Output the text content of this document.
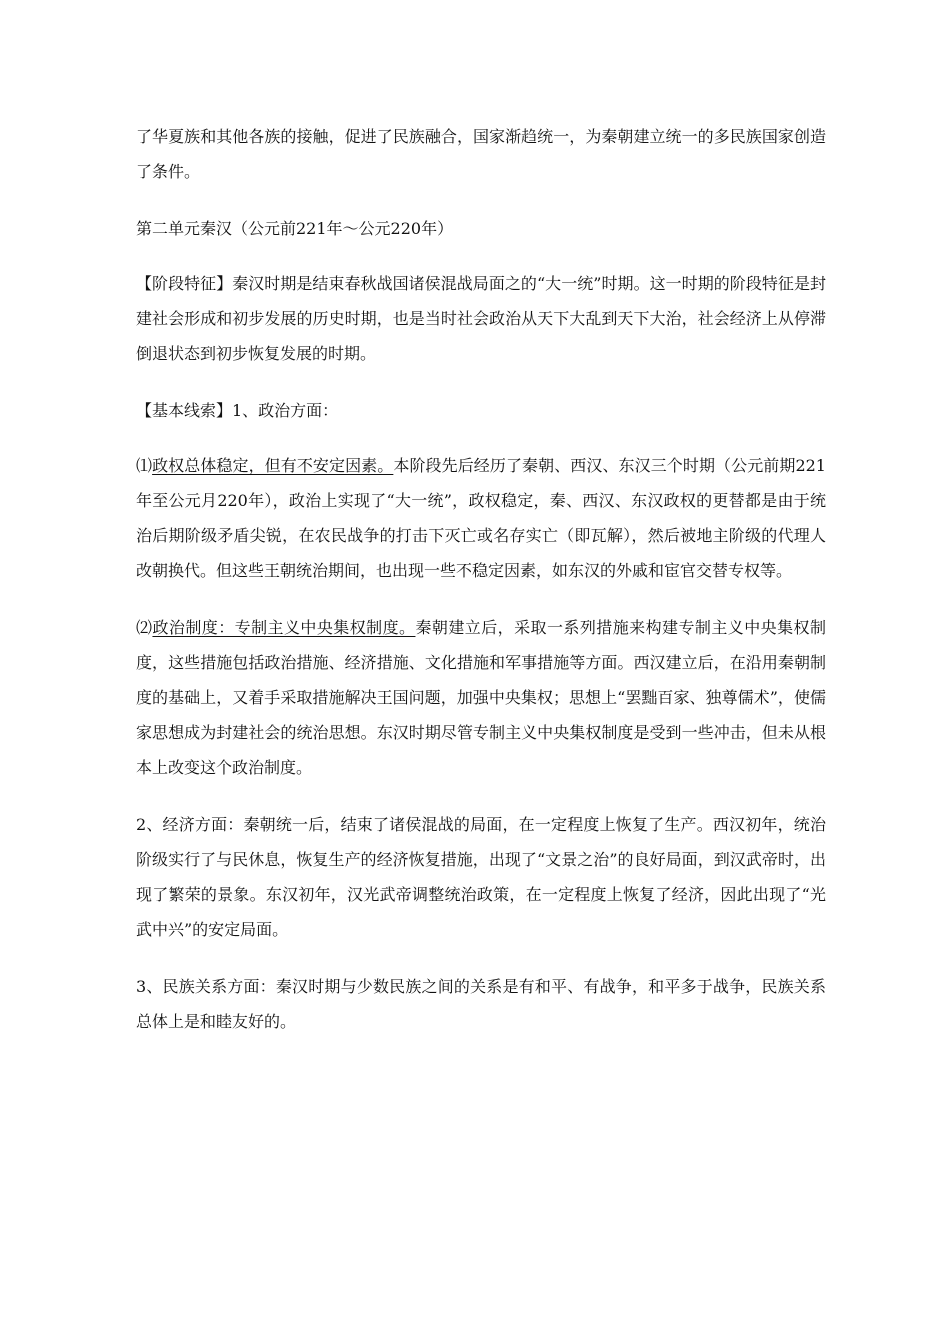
了华夏族和其他各族的接触，促进了民族融合，国家渐趋统一，为秦朝建立统一的多民族国家创造了条件。

第二单元秦汉（公元前221年～公元220年）

【阶段特征】秦汉时期是结束春秋战国诸侯混战局面之的“大一统”时期。这一时期的阶段特征是封建社会形成和初步发展的历史时期，也是当时社会政治从天下大乱到天下大治，社会经济上从停滞倒退状态到初步恢复发展的时期。

【基本线索】1、政治方面：

⑴政权总体稳定，但有不安定因素。本阶段先后经历了秦朝、西汉、东汉三个时期（公元前期221年至公元月220年），政治上实现了“大一统”，政权稳定，秦、西汉、东汉政权的更替都是由于统治后期阶级矛盾尖锐，在农民战争的打击下灭亡或名存实亡（即瓦解），然后被地主阶级的代理人改朝换代。但这些王朝统治期间，也出现一些不稳定因素，如东汉的外戚和宦官交替专权等。

⑵政治制度：专制主义中央集权制度。秦朝建立后，采取一系列措施来构建专制主义中央集权制度，这些措施包括政治措施、经济措施、文化措施和军事措施等方面。西汉建立后，在沿用秦朝制度的基础上，又着手采取措施解决王国问题，加强中央集权；思想上“罢黜百家、独尊儒术”，使儒家思想成为封建社会的统治思想。东汉时期尽管专制主义中央集权制度是受到一些冲击，但未从根本上改变这个政治制度。

2、经济方面：秦朝统一后，结束了诸侯混战的局面，在一定程度上恢复了生产。西汉初年，统治阶级实行了与民休息，恢复生产的经济恢复措施，出现了“文景之治”的良好局面，到汉武帝时，出现了繁荣的景象。东汉初年，汉光武帝调整统治政策，在一定程度上恢复了经济，因此出现了“光武中兴”的安定局面。

3、民族关系方面：秦汉时期与少数民族之间的关系是有和平、有战争，和平多于战争，民族关系总体上是和睦友好的。
